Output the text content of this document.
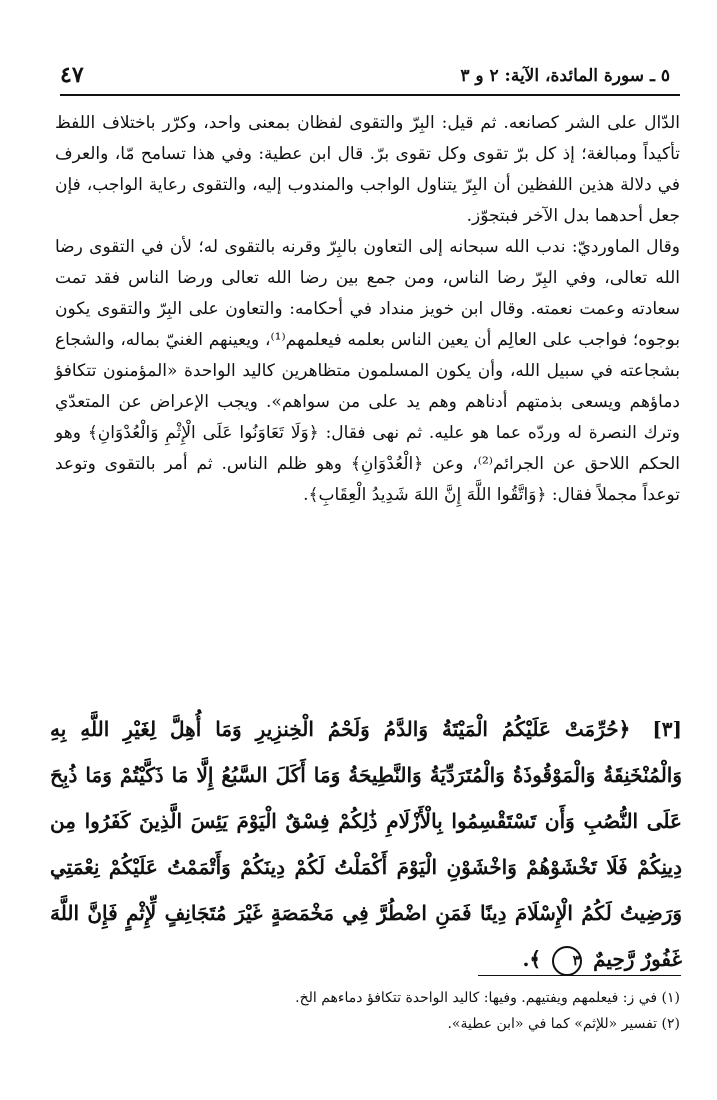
٥ ـ سورة المائدة، الآية: ٢ و ٣
٤٧

الدّال على الشر كصانعه. ثم قيل: البِرّ والتقوى لفظان بمعنى واحد، وكرّر باختلاف اللفظ تأكيداً ومبالغة؛ إذ كل برّ تقوى وكل تقوى برّ. قال ابن عطية: وفي هذا تسامح مّا، والعرف في دلالة هذين اللفظين أن البِرّ يتناول الواجب والمندوب إليه، والتقوى رعاية الواجب، فإن جعل أحدهما بدل الآخر فبتجوّز.

وقال الماورديّ: ندب الله سبحانه إلى التعاون بالبِرّ وقرنه بالتقوى له؛ لأن في التقوى رضا الله تعالى، وفي البِرّ رضا الناس، ومن جمع بين رضا الله تعالى ورضا الناس فقد تمت سعادته وعمت نعمته. وقال ابن خويز منداد في أحكامه: والتعاون على البِرّ والتقوى يكون بوجوه؛ فواجب على العالِم أن يعين الناس بعلمه فيعلمهم⁽¹⁾، ويعينهم الغنيّ بماله، والشجاع بشجاعته في سبيل الله، وأن يكون المسلمون متظاهرين كاليد الواحدة «المؤمنون تتكافؤ دماؤهم ويسعى بذمتهم أدناهم وهم يد على من سواهم». ويجب الإعراض عن المتعدّي وترك النصرة له وردّه عما هو عليه. ثم نهى فقال: ﴿وَلَا تَعَاوَنُوا عَلَى الْإِثْمِ وَالْعُدْوَانِ﴾ وهو الحكم اللاحق عن الجرائم⁽²⁾، وعن ﴿الْعُدْوَانِ﴾ وهو ظلم الناس. ثم أمر بالتقوى وتوعد توعداً مجملاً فقال: ﴿وَاتَّقُوا اللَّهَ إِنَّ اللهَ شَدِيدُ الْعِقَابِ﴾.

[٣] ﴿حُرِّمَتْ عَلَيْكُمُ الْمَيْتَةُ وَالدَّمُ وَلَحْمُ الْخِنزِيرِ وَمَا أُهِلَّ لِغَيْرِ اللَّهِ بِهِ وَالْمُنْخَنِقَةُ وَالْمَوْقُوذَةُ وَالْمُتَرَدِّيَةُ وَالنَّطِيحَةُ وَمَا أَكَلَ السَّبُعُ إِلَّا مَا ذَكَّيْتُمْ وَمَا ذُبِحَ عَلَى النُّصُبِ وَأَن تَسْتَقْسِمُوا بِالْأَزْلَامِ ذَٰلِكُمْ فِسْقٌ الْيَوْمَ يَئِسَ الَّذِينَ كَفَرُوا مِن دِينِكُمْ فَلَا تَخْشَوْهُمْ وَاخْشَوْنِ الْيَوْمَ أَكْمَلْتُ لَكُمْ دِينَكُمْ وَأَتْمَمْتُ عَلَيْكُمْ نِعْمَتِي وَرَضِيتُ لَكُمُ الْإِسْلَامَ دِينًا فَمَنِ اضْطُرَّ فِي مَخْمَصَةٍ غَيْرَ مُتَجَانِفٍ لِّإِثْمٍ فَإِنَّ اللَّهَ غَفُورٌ رَّحِيمٌ ٣ ﴾.

(١) في ز: فيعلمهم ويفتيهم. وفيها: كاليد الواحدة تتكافؤ دماءهم الخ.

(٢) تفسير «للإثم» كما في «ابن عطية».
